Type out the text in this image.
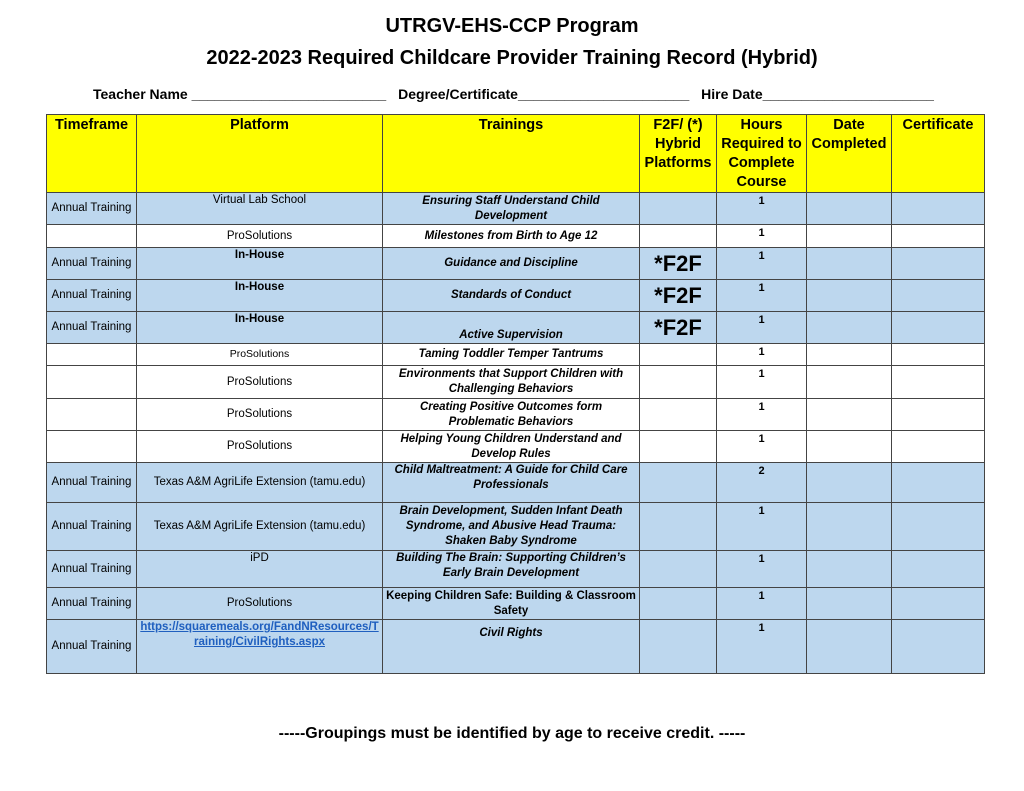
UTRGV-EHS-CCP Program
2022-2023 Required Childcare Provider Training Record (Hybrid)
Teacher Name _________________________ Degree/Certificate______________________ Hire Date______________________
Timeframe	Platform	Trainings	F2F/ (*) Hybrid Platforms	Hours Required to Complete Course	Date Completed	Certificate
Annual Training	Virtual Lab School	Ensuring Staff Understand Child Development		1		
	ProSolutions	Milestones from Birth to Age 12		1		
Annual Training	In-House	Guidance and Discipline	*F2F	1		
Annual Training	In-House	Standards of Conduct	*F2F	1		
Annual Training	In-House	Active Supervision	*F2F	1		
	ProSolutions	Taming Toddler Temper Tantrums		1		
	ProSolutions	Environments that Support Children with Challenging Behaviors		1		
	ProSolutions	Creating Positive Outcomes form Problematic Behaviors		1		
	ProSolutions	Helping Young Children Understand and Develop Rules		1		
Annual Training	Texas A&M AgriLife Extension (tamu.edu)	Child Maltreatment: A Guide for Child Care Professionals		2		
Annual Training	Texas A&M AgriLife Extension (tamu.edu)	Brain Development, Sudden Infant Death Syndrome, and Abusive Head Trauma: Shaken Baby Syndrome		1		
Annual Training	iPD	Building The Brain: Supporting Children’s Early Brain Development		1		
Annual Training	ProSolutions	Keeping Children Safe: Building & Classroom Safety		1		
Annual Training	https://squaremeals.org/FandNResources/Training/CivilRights.aspx	Civil Rights		1		
-----Groupings must be identified by age to receive credit. -----
